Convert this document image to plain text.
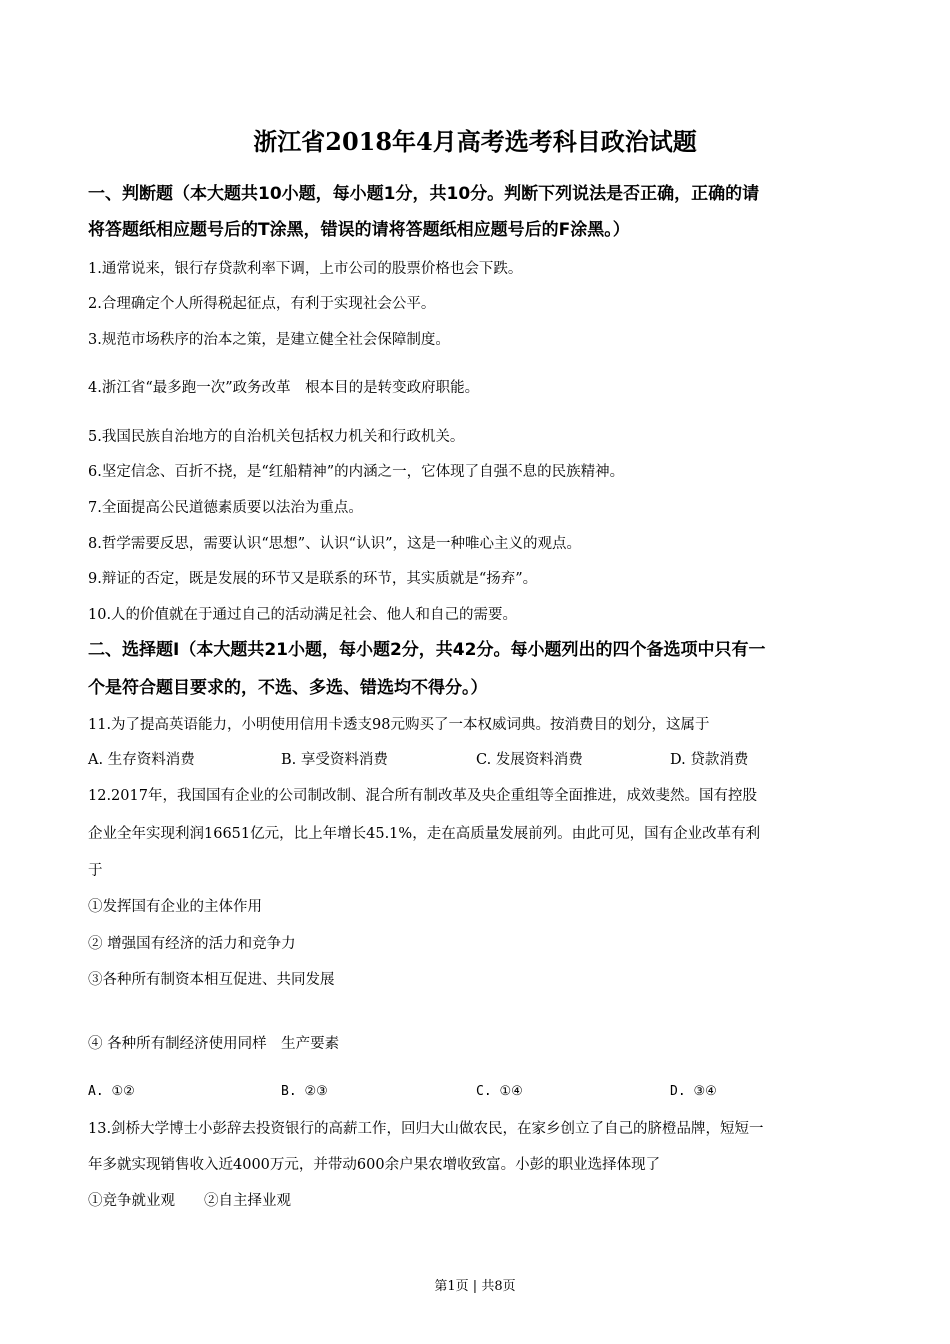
浙江省2018年4月高考选考科目政治试题
一、判断题（本大题共10小题，每小题1分，共10分。判断下列说法是否正确，正确的请
将答题纸相应题号后的T涂黑，错误的请将答题纸相应题号后的F涂黑。）
1.通常说来，银行存贷款利率下调，上市公司的股票价格也会下跌。
2.合理确定个人所得税起征点，有利于实现社会公平。
3.规范市场秩序的治本之策，是建立健全社会保障制度。
4.浙江省“最多跑一次”政务改革　根本目的是转变政府职能。
5.我国民族自治地方的自治机关包括权力机关和行政机关。
6.坚定信念、百折不挠，是“红船精神”的内涵之一，它体现了自强不息的民族精神。
7.全面提高公民道德素质要以法治为重点。
8.哲学需要反思，需要认识“思想”、认识“认识”，这是一种唯心主义的观点。
9.辩证的否定，既是发展的环节又是联系的环节，其实质就是“扬弃”。
10.人的价值就在于通过自己的活动满足社会、他人和自己的需要。
二、选择题Ⅰ（本大题共21小题，每小题2分，共42分。每小题列出的四个备选项中只有一
个是符合题目要求的，不选、多选、错选均不得分。）
11.为了提高英语能力，小明使用信用卡透支98元购买了一本权威词典。按消费目的划分，这属于
A. 生存资料消费	B. 享受资料消费	C. 发展资料消费	D. 贷款消费
12.2017年，我国国有企业的公司制改制、混合所有制改革及央企重组等全面推进，成效斐然。国有控股
企业全年实现利润16651亿元，比上年增长45.1%，走在高质量发展前列。由此可见，国有企业改革有利
于
①发挥国有企业的主体作用
② 增强国有经济的活力和竞争力
③各种所有制资本相互促进、共同发展
④ 各种所有制经济使用同样　生产要素
A. ①②	B. ②③	C. ①④	D. ③④
13.剑桥大学博士小彭辞去投资银行的高薪工作，回归大山做农民，在家乡创立了自己的脐橙品牌，短短一
年多就实现销售收入近4000万元，并带动600余户果农增收致富。小彭的职业选择体现了
①竞争就业观　　②自主择业观
第1页 | 共8页
